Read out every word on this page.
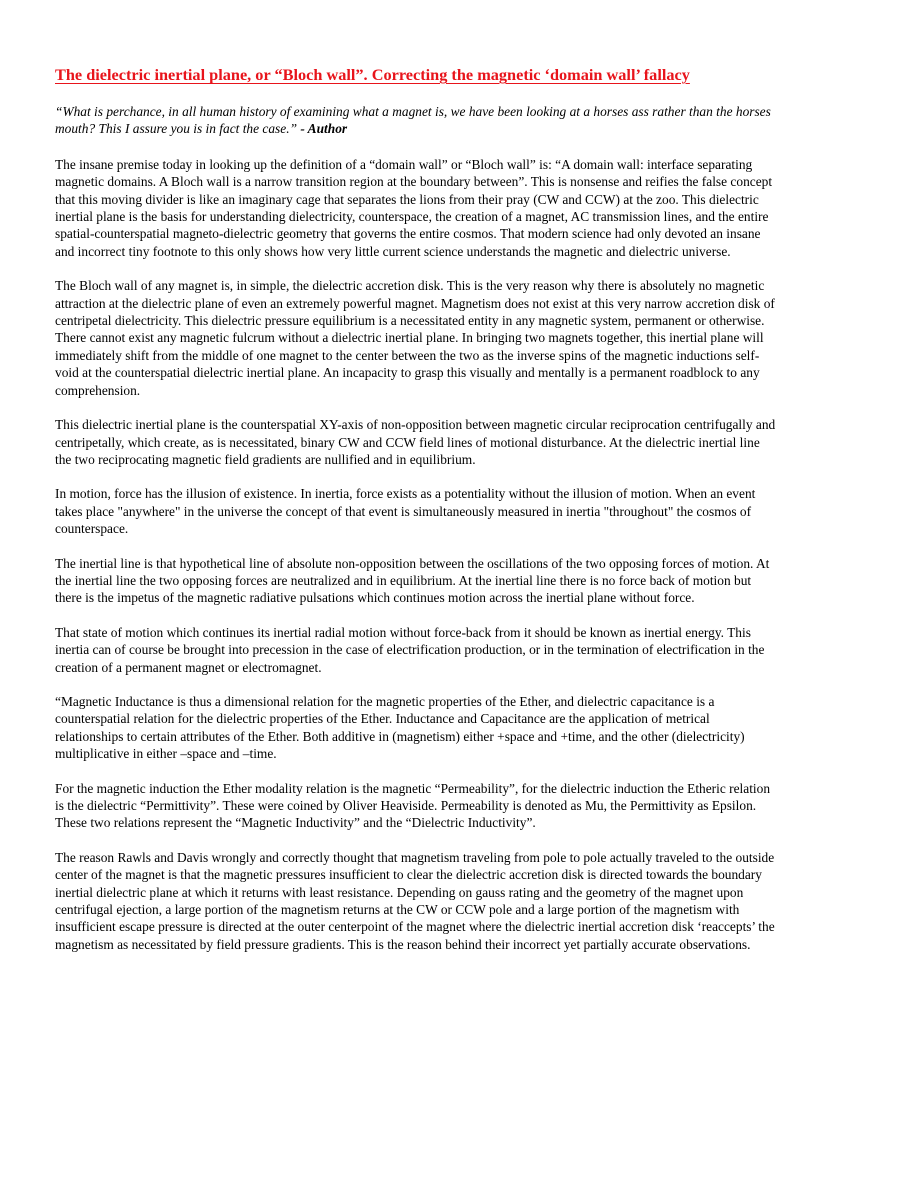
The dielectric inertial plane, or “Bloch wall”. Correcting the magnetic ‘domain wall’ fallacy
“What is perchance, in all human history of examining what a magnet is, we have been looking at a horses ass rather than the horses
mouth? This I assure you is in fact the case.” - Author

The insane premise today in looking up the definition of a “domain wall” or “Bloch wall” is: “A domain wall: interface separating
magnetic domains. A Bloch wall is a narrow transition region at the boundary between”. This is nonsense and reifies the false concept
that this moving divider is like an imaginary cage that separates the lions from their pray (CW and CCW) at the zoo. This dielectric
inertial plane is the basis for understanding dielectricity, counterspace, the creation of a magnet, AC transmission lines, and the entire
spatial-counterspatial magneto-dielectric geometry that governs the entire cosmos. That modern science had only devoted an insane
and incorrect tiny footnote to this only shows how very little current science understands the magnetic and dielectric universe.

The Bloch wall of any magnet is, in simple, the dielectric accretion disk. This is the very reason why there is absolutely no magnetic
attraction at the dielectric plane of even an extremely powerful magnet. Magnetism does not exist at this very narrow accretion disk of
centripetal dielectricity. This dielectric pressure equilibrium is a necessitated entity in any magnetic system, permanent or otherwise.
There cannot exist any magnetic fulcrum without a dielectric inertial plane. In bringing two magnets together, this inertial plane will
immediately shift from the middle of one magnet to the center between the two as the inverse spins of the magnetic inductions self-
void at the counterspatial dielectric inertial plane. An incapacity to grasp this visually and mentally is a permanent roadblock to any
comprehension.

This dielectric inertial plane is the counterspatial XY-axis of non-opposition between magnetic circular reciprocation centrifugally and
centripetally, which create, as is necessitated, binary CW and CCW field lines of motional disturbance. At the dielectric inertial line
the two reciprocating magnetic field gradients are nullified and in equilibrium.

In motion, force has the illusion of existence. In inertia, force exists as a potentiality without the illusion of motion. When an event
takes place "anywhere" in the universe the concept of that event is simultaneously measured in inertia "throughout" the cosmos of
counterspace.

The inertial line is that hypothetical line of absolute non-opposition between the oscillations of the two opposing forces of motion. At
the inertial line the two opposing forces are neutralized and in equilibrium. At the inertial line there is no force back of motion but
there is the impetus of the magnetic radiative pulsations which continues motion across the inertial plane without force.

That state of motion which continues its inertial radial motion without force-back from it should be known as inertial energy. This
inertia can of course be brought into precession in the case of electrification production, or in the termination of electrification in the
creation of a permanent magnet or electromagnet.

“Magnetic Inductance is thus a dimensional relation for the magnetic properties of the Ether, and dielectric capacitance is a
counterspatial relation for the dielectric properties of the Ether. Inductance and Capacitance are the application of metrical
relationships to certain attributes of the Ether. Both additive in (magnetism) either +space and +time, and the other (dielectricity)
multiplicative in either –space and –time.

For the magnetic induction the Ether modality relation is the magnetic “Permeability”, for the dielectric induction the Etheric relation
is the dielectric “Permittivity”. These were coined by Oliver Heaviside. Permeability is denoted as Mu, the Permittivity as Epsilon.
These two relations represent the “Magnetic Inductivity” and the “Dielectric Inductivity”.

The reason Rawls and Davis wrongly and correctly thought that magnetism traveling from pole to pole actually traveled to the outside
center of the magnet is that the magnetic pressures insufficient to clear the dielectric accretion disk is directed towards the boundary
inertial dielectric plane at which it returns with least resistance. Depending on gauss rating and the geometry of the magnet upon
centrifugal ejection, a large portion of the magnetism returns at the CW or CCW pole and a large portion of the magnetism with
insufficient escape pressure is directed at the outer centerpoint of the magnet where the dielectric inertial accretion disk ‘reaccepts’ the
magnetism as necessitated by field pressure gradients. This is the reason behind their incorrect yet partially accurate observations.
